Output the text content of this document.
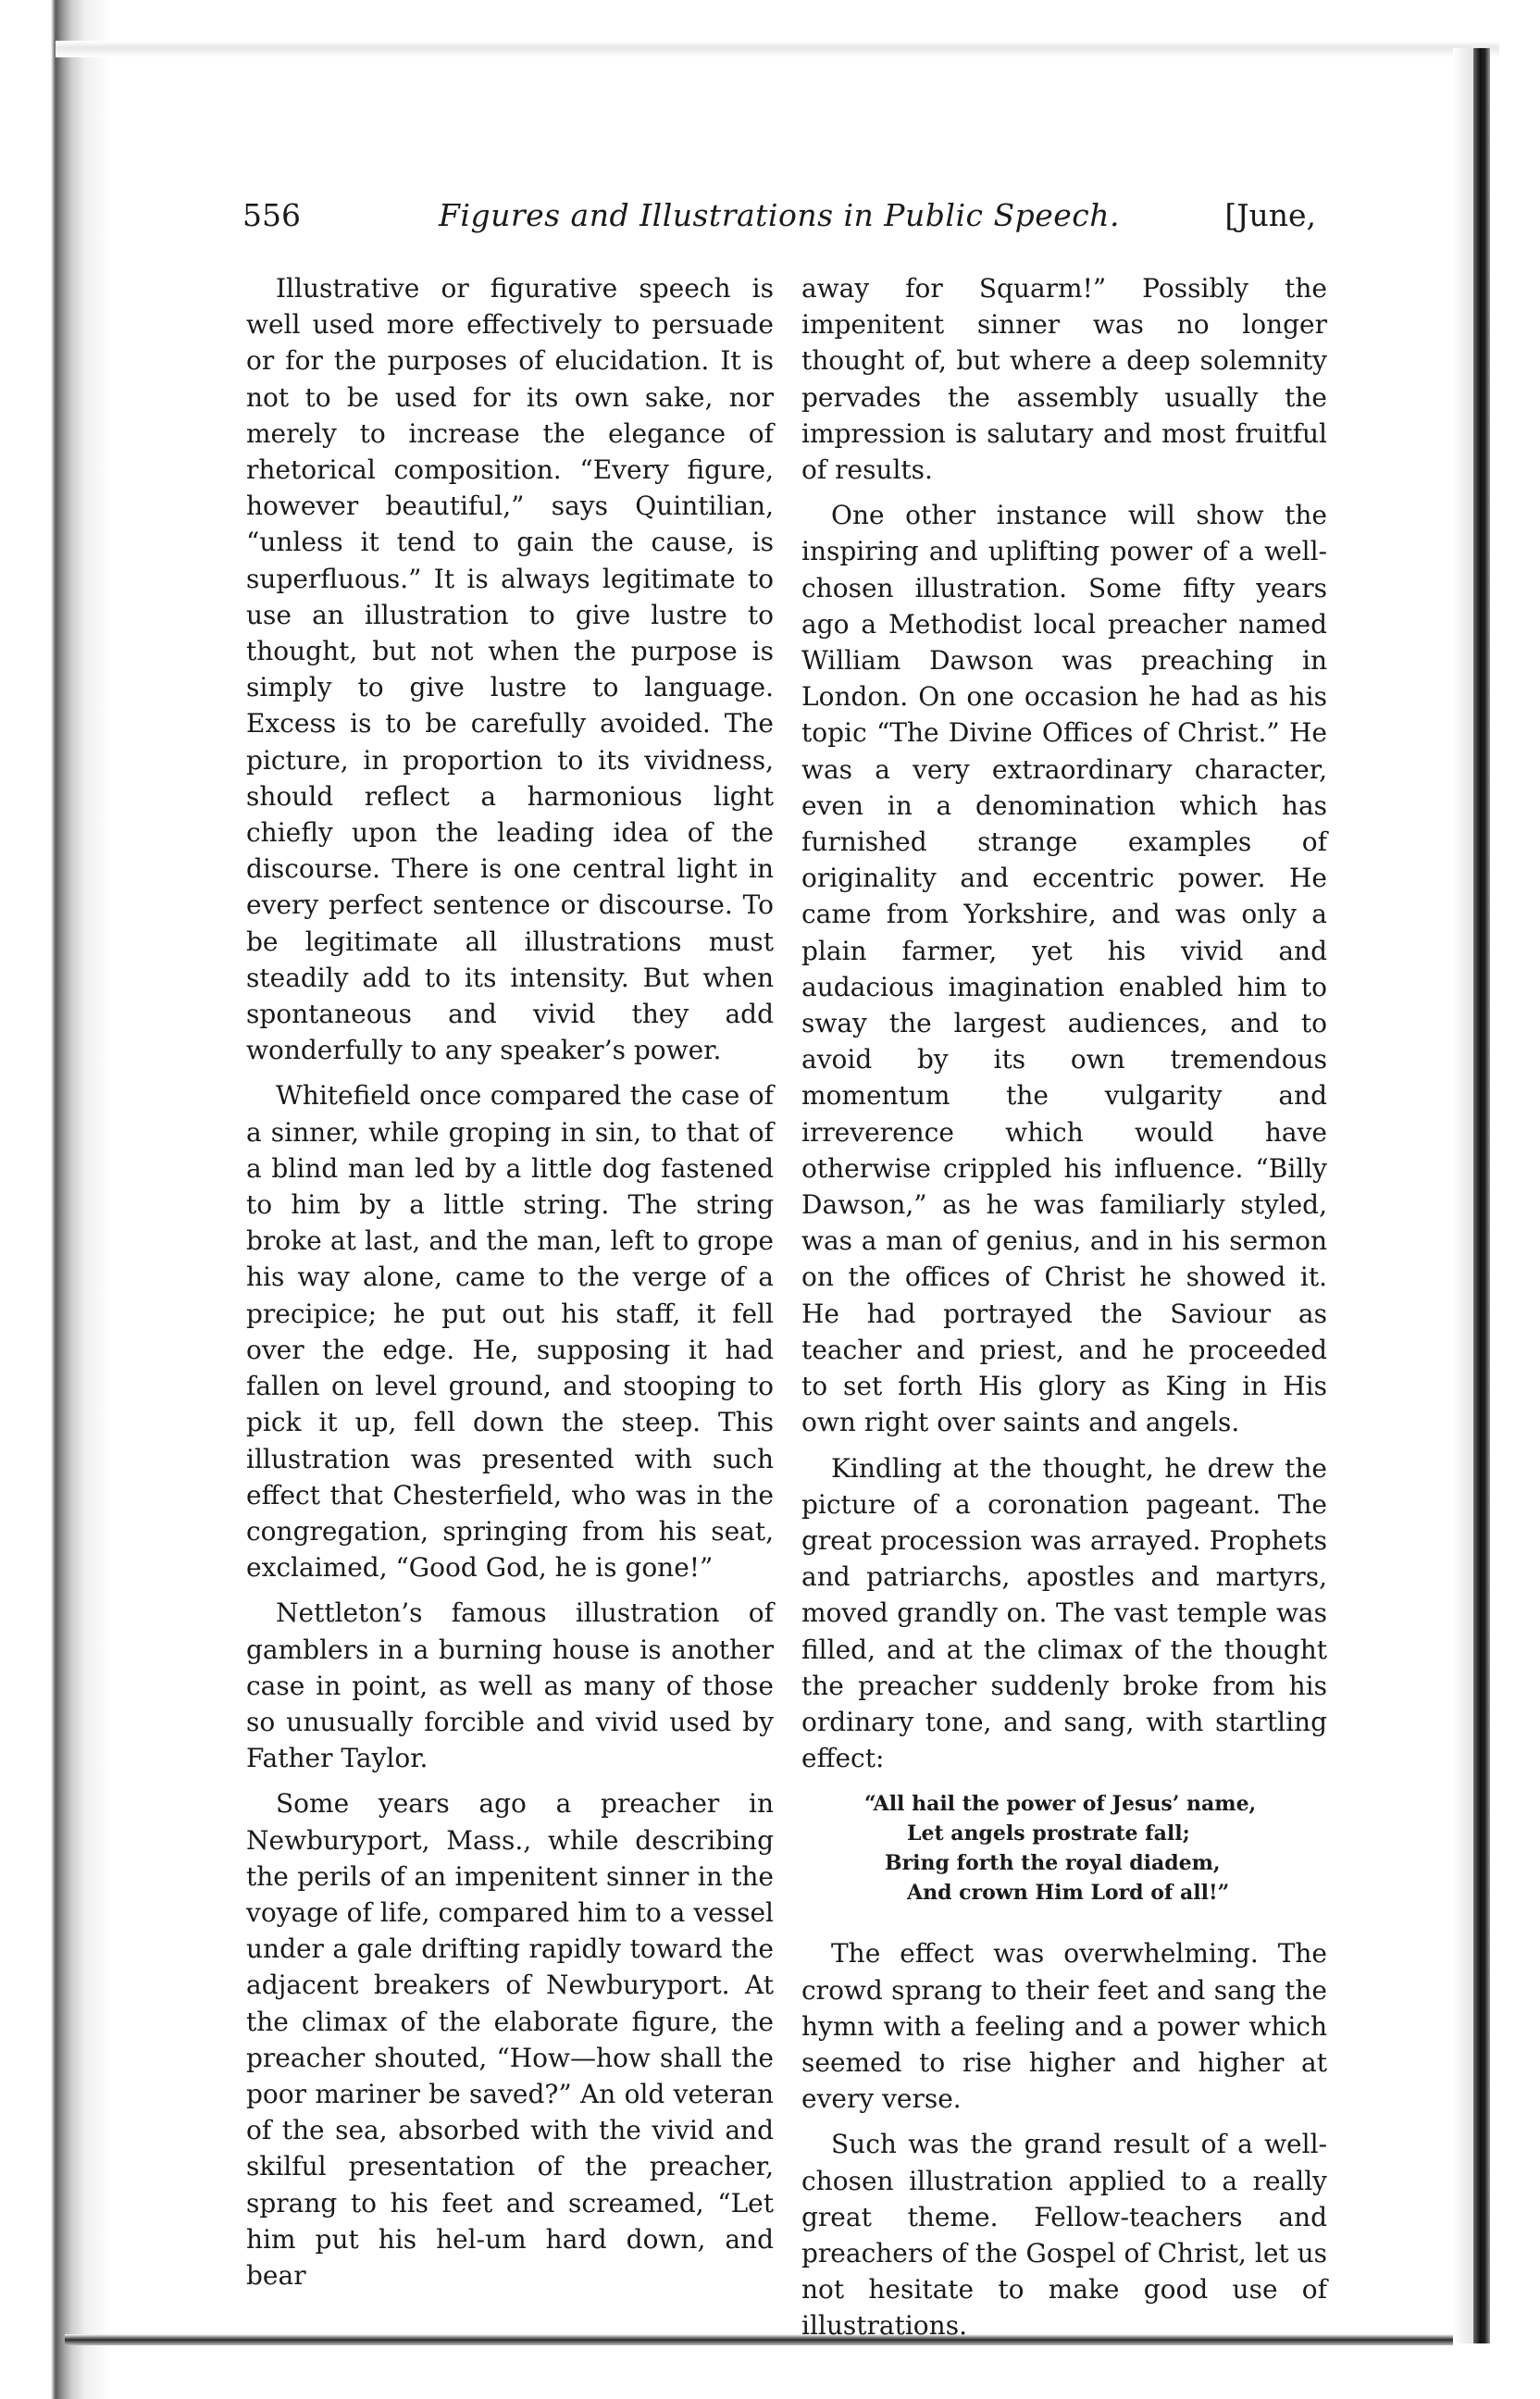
556	Figures and Illustrations in Public Speech.	[June,

Illustrative or figurative speech is well used more effectively to persuade or for the purposes of elucidation. It is not to be used for its own sake, nor merely to increase the elegance of rhetorical composition. “Every figure, however beautiful,” says Quintilian, “unless it tend to gain the cause, is superfluous.” It is always legitimate to use an illustration to give lustre to thought, but not when the purpose is simply to give lustre to language. Excess is to be carefully avoided. The picture, in proportion to its vividness, should reflect a harmonious light chiefly upon the leading idea of the discourse. There is one central light in every perfect sentence or discourse. To be legitimate all illustrations must steadily add to its intensity. But when spontaneous and vivid they add wonderfully to any speaker’s power.

Whitefield once compared the case of a sinner, while groping in sin, to that of a blind man led by a little dog fastened to him by a little string. The string broke at last, and the man, left to grope his way alone, came to the verge of a precipice; he put out his staff, it fell over the edge. He, supposing it had fallen on level ground, and stooping to pick it up, fell down the steep. This illustration was presented with such effect that Chesterfield, who was in the congregation, springing from his seat, exclaimed, “Good God, he is gone!”

Nettleton’s famous illustration of gamblers in a burning house is another case in point, as well as many of those so unusually forcible and vivid used by Father Taylor.

Some years ago a preacher in Newburyport, Mass., while describing the perils of an impenitent sinner in the voyage of life, compared him to a vessel under a gale drifting rapidly toward the adjacent breakers of Newburyport. At the climax of the elaborate figure, the preacher shouted, “How—how shall the poor mariner be saved?” An old veteran of the sea, absorbed with the vivid and skilful presentation of the preacher, sprang to his feet and screamed, “Let him put his hel-um hard down, and bear

away for Squarm!” Possibly the impenitent sinner was no longer thought of, but where a deep solemnity pervades the assembly usually the impression is salutary and most fruitful of results.

One other instance will show the inspiring and uplifting power of a well-chosen illustration. Some fifty years ago a Methodist local preacher named William Dawson was preaching in London. On one occasion he had as his topic “The Divine Offices of Christ.” He was a very extraordinary character, even in a denomination which has furnished strange examples of originality and eccentric power. He came from Yorkshire, and was only a plain farmer, yet his vivid and audacious imagination enabled him to sway the largest audiences, and to avoid by its own tremendous momentum the vulgarity and irreverence which would have otherwise crippled his influence. “Billy Dawson,” as he was familiarly styled, was a man of genius, and in his sermon on the offices of Christ he showed it. He had portrayed the Saviour as teacher and priest, and he proceeded to set forth His glory as King in His own right over saints and angels.

Kindling at the thought, he drew the picture of a coronation pageant. The great procession was arrayed. Prophets and patriarchs, apostles and martyrs, moved grandly on. The vast temple was filled, and at the climax of the thought the preacher suddenly broke from his ordinary tone, and sang, with startling effect:

“All hail the power of Jesus’ name,
Let angels prostrate fall;
Bring forth the royal diadem,
And crown Him Lord of all!”

The effect was overwhelming. The crowd sprang to their feet and sang the hymn with a feeling and a power which seemed to rise higher and higher at every verse.

Such was the grand result of a well-chosen illustration applied to a really great theme. Fellow-teachers and preachers of the Gospel of Christ, let us not hesitate to make good use of illustrations.
